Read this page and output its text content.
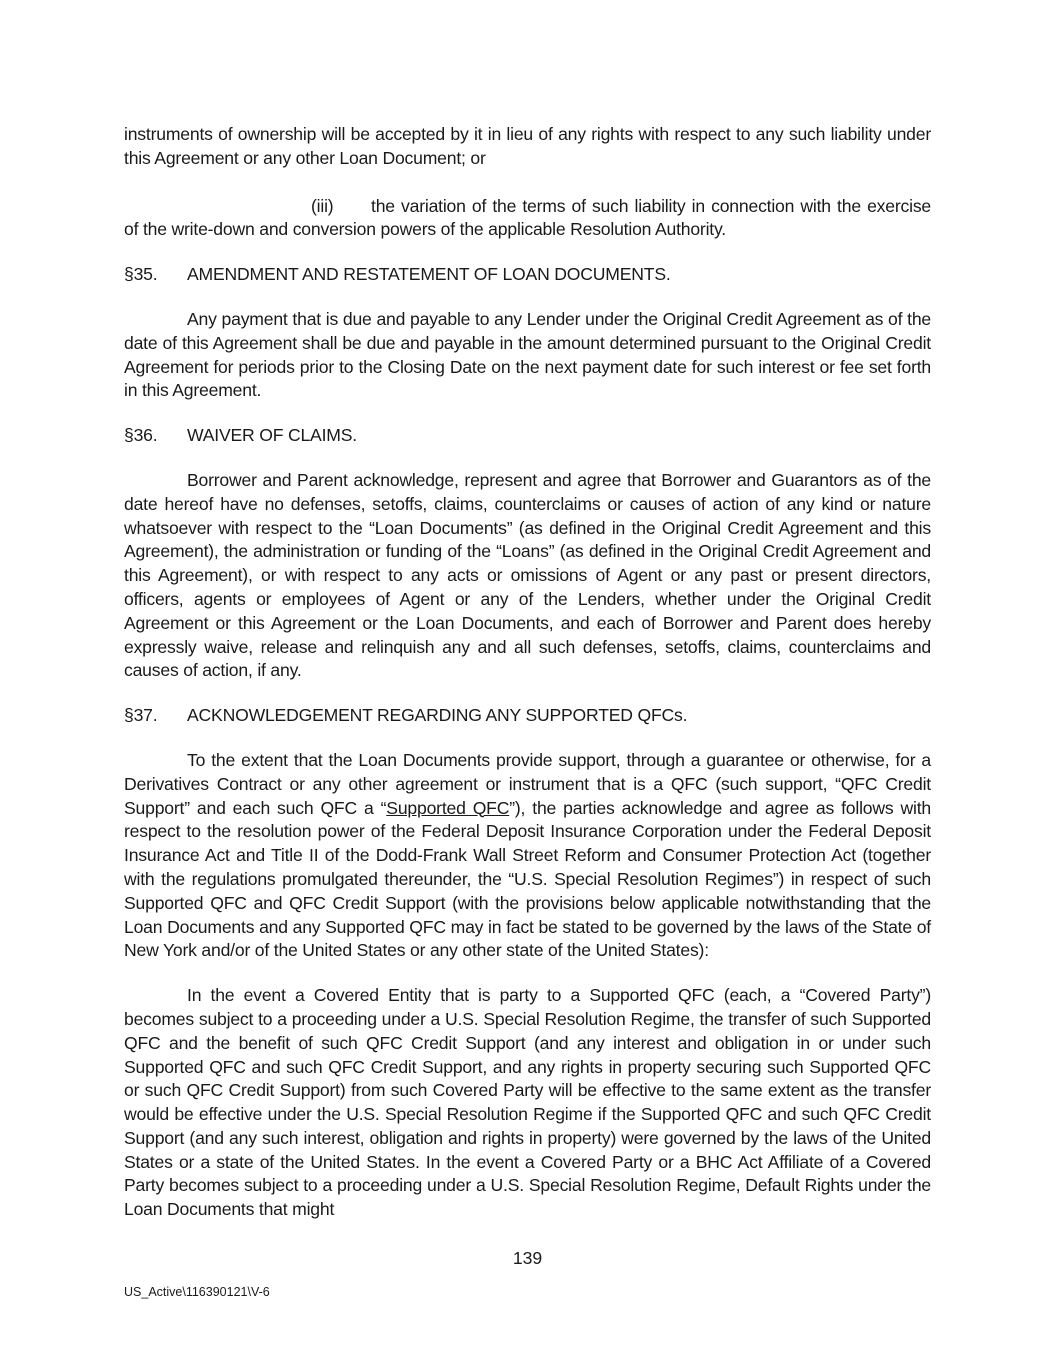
instruments of ownership will be accepted by it in lieu of any rights with respect to any such liability under this Agreement or any other Loan Document; or

(iii) the variation of the terms of such liability in connection with the exercise of the write-down and conversion powers of the applicable Resolution Authority.

§35. AMENDMENT AND RESTATEMENT OF LOAN DOCUMENTS.

Any payment that is due and payable to any Lender under the Original Credit Agreement as of the date of this Agreement shall be due and payable in the amount determined pursuant to the Original Credit Agreement for periods prior to the Closing Date on the next payment date for such interest or fee set forth in this Agreement.

§36. WAIVER OF CLAIMS.

Borrower and Parent acknowledge, represent and agree that Borrower and Guarantors as of the date hereof have no defenses, setoffs, claims, counterclaims or causes of action of any kind or nature whatsoever with respect to the “Loan Documents” (as defined in the Original Credit Agreement and this Agreement), the administration or funding of the “Loans” (as defined in the Original Credit Agreement and this Agreement), or with respect to any acts or omissions of Agent or any past or present directors, officers, agents or employees of Agent or any of the Lenders, whether under the Original Credit Agreement or this Agreement or the Loan Documents, and each of Borrower and Parent does hereby expressly waive, release and relinquish any and all such defenses, setoffs, claims, counterclaims and causes of action, if any.

§37. ACKNOWLEDGEMENT REGARDING ANY SUPPORTED QFCs.

To the extent that the Loan Documents provide support, through a guarantee or otherwise, for a Derivatives Contract or any other agreement or instrument that is a QFC (such support, “QFC Credit Support” and each such QFC a “Supported QFC”), the parties acknowledge and agree as follows with respect to the resolution power of the Federal Deposit Insurance Corporation under the Federal Deposit Insurance Act and Title II of the Dodd-Frank Wall Street Reform and Consumer Protection Act (together with the regulations promulgated thereunder, the “U.S. Special Resolution Regimes”) in respect of such Supported QFC and QFC Credit Support (with the provisions below applicable notwithstanding that the Loan Documents and any Supported QFC may in fact be stated to be governed by the laws of the State of New York and/or of the United States or any other state of the United States):

In the event a Covered Entity that is party to a Supported QFC (each, a “Covered Party”) becomes subject to a proceeding under a U.S. Special Resolution Regime, the transfer of such Supported QFC and the benefit of such QFC Credit Support (and any interest and obligation in or under such Supported QFC and such QFC Credit Support, and any rights in property securing such Supported QFC or such QFC Credit Support) from such Covered Party will be effective to the same extent as the transfer would be effective under the U.S. Special Resolution Regime if the Supported QFC and such QFC Credit Support (and any such interest, obligation and rights in property) were governed by the laws of the United States or a state of the United States. In the event a Covered Party or a BHC Act Affiliate of a Covered Party becomes subject to a proceeding under a U.S. Special Resolution Regime, Default Rights under the Loan Documents that might

139
US_Active\116390121\V-6
